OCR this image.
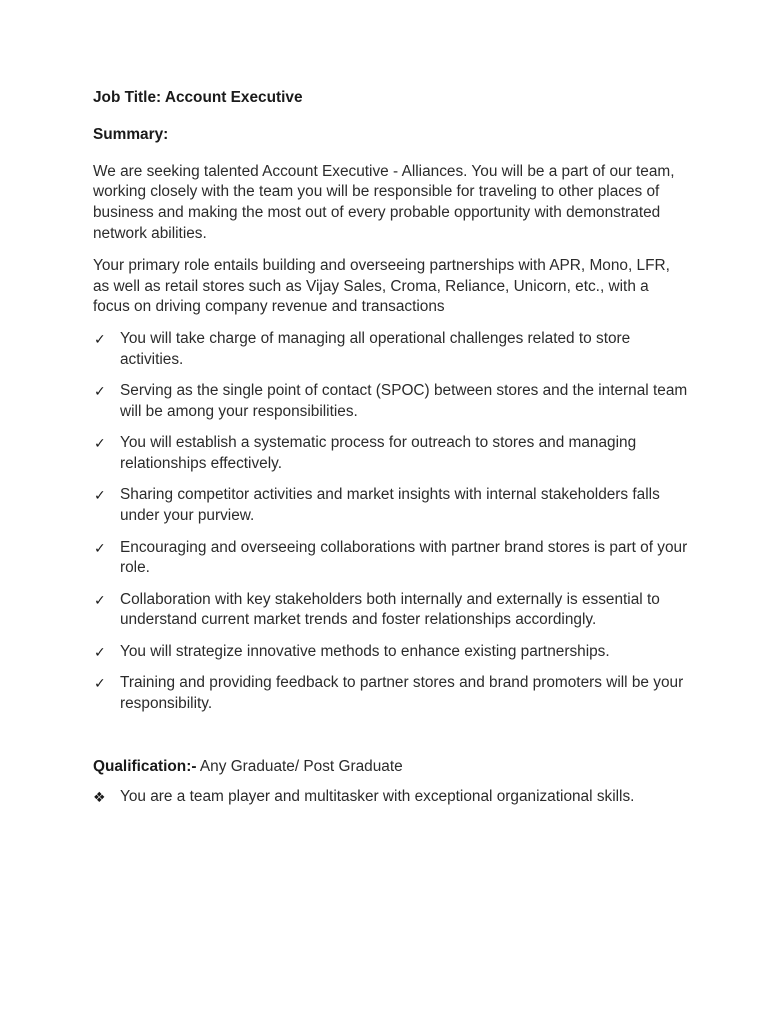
Job Title: Account Executive
Summary:

We are seeking talented Account Executive - Alliances. You will be a part of our team, working closely with the team you will be responsible for traveling to other places of business and making the most out of every probable opportunity with demonstrated network abilities.

Your primary role entails building and overseeing partnerships with APR, Mono, LFR, as well as retail stores such as Vijay Sales, Croma, Reliance, Unicorn, etc., with a focus on driving company revenue and transactions

✓ You will take charge of managing all operational challenges related to store activities.
✓ Serving as the single point of contact (SPOC) between stores and the internal team will be among your responsibilities.
✓ You will establish a systematic process for outreach to stores and managing relationships effectively.
✓ Sharing competitor activities and market insights with internal stakeholders falls under your purview.
✓ Encouraging and overseeing collaborations with partner brand stores is part of your role.
✓ Collaboration with key stakeholders both internally and externally is essential to understand current market trends and foster relationships accordingly.
✓ You will strategize innovative methods to enhance existing partnerships.
✓ Training and providing feedback to partner stores and brand promoters will be your responsibility.
Qualification:- Any Graduate/ Post Graduate
❖ You are a team player and multitasker with exceptional organizational skills.
